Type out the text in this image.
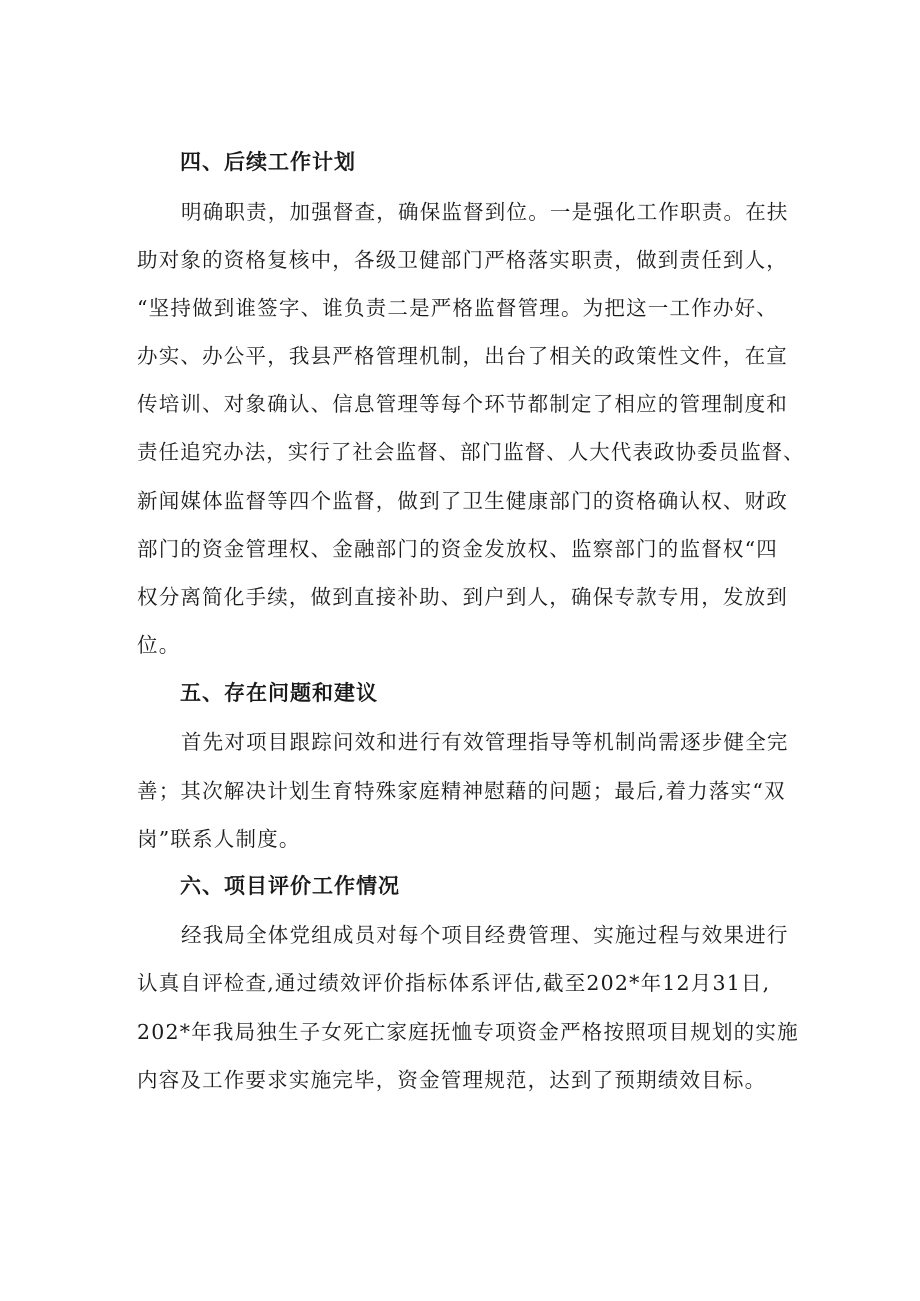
四、后续工作计划
明确职责，加强督查，确保监督到位。一是强化工作职责。在扶
助对象的资格复核中，各级卫健部门严格落实职责，做到责任到人，
“坚持做到谁签字、谁负责二是严格监督管理。为把这一工作办好、
办实、办公平，我县严格管理机制，出台了相关的政策性文件，在宣
传培训、对象确认、信息管理等每个环节都制定了相应的管理制度和
责任追究办法，实行了社会监督、部门监督、人大代表政协委员监督、
新闻媒体监督等四个监督，做到了卫生健康部门的资格确认权、财政
部门的资金管理权、金融部门的资金发放权、监察部门的监督权“四
权分离简化手续，做到直接补助、到户到人，确保专款专用，发放到
位。
五、存在问题和建议
首先对项目跟踪问效和进行有效管理指导等机制尚需逐步健全完
善；其次解决计划生育特殊家庭精神慰藉的问题；最后,着力落实“双
岗”联系人制度。
六、项目评价工作情况
经我局全体党组成员对每个项目经费管理、实施过程与效果进行
认真自评检查,通过绩效评价指标体系评估,截至202*年12月31日,
202*年我局独生子女死亡家庭抚恤专项资金严格按照项目规划的实施
内容及工作要求实施完毕，资金管理规范，达到了预期绩效目标。
